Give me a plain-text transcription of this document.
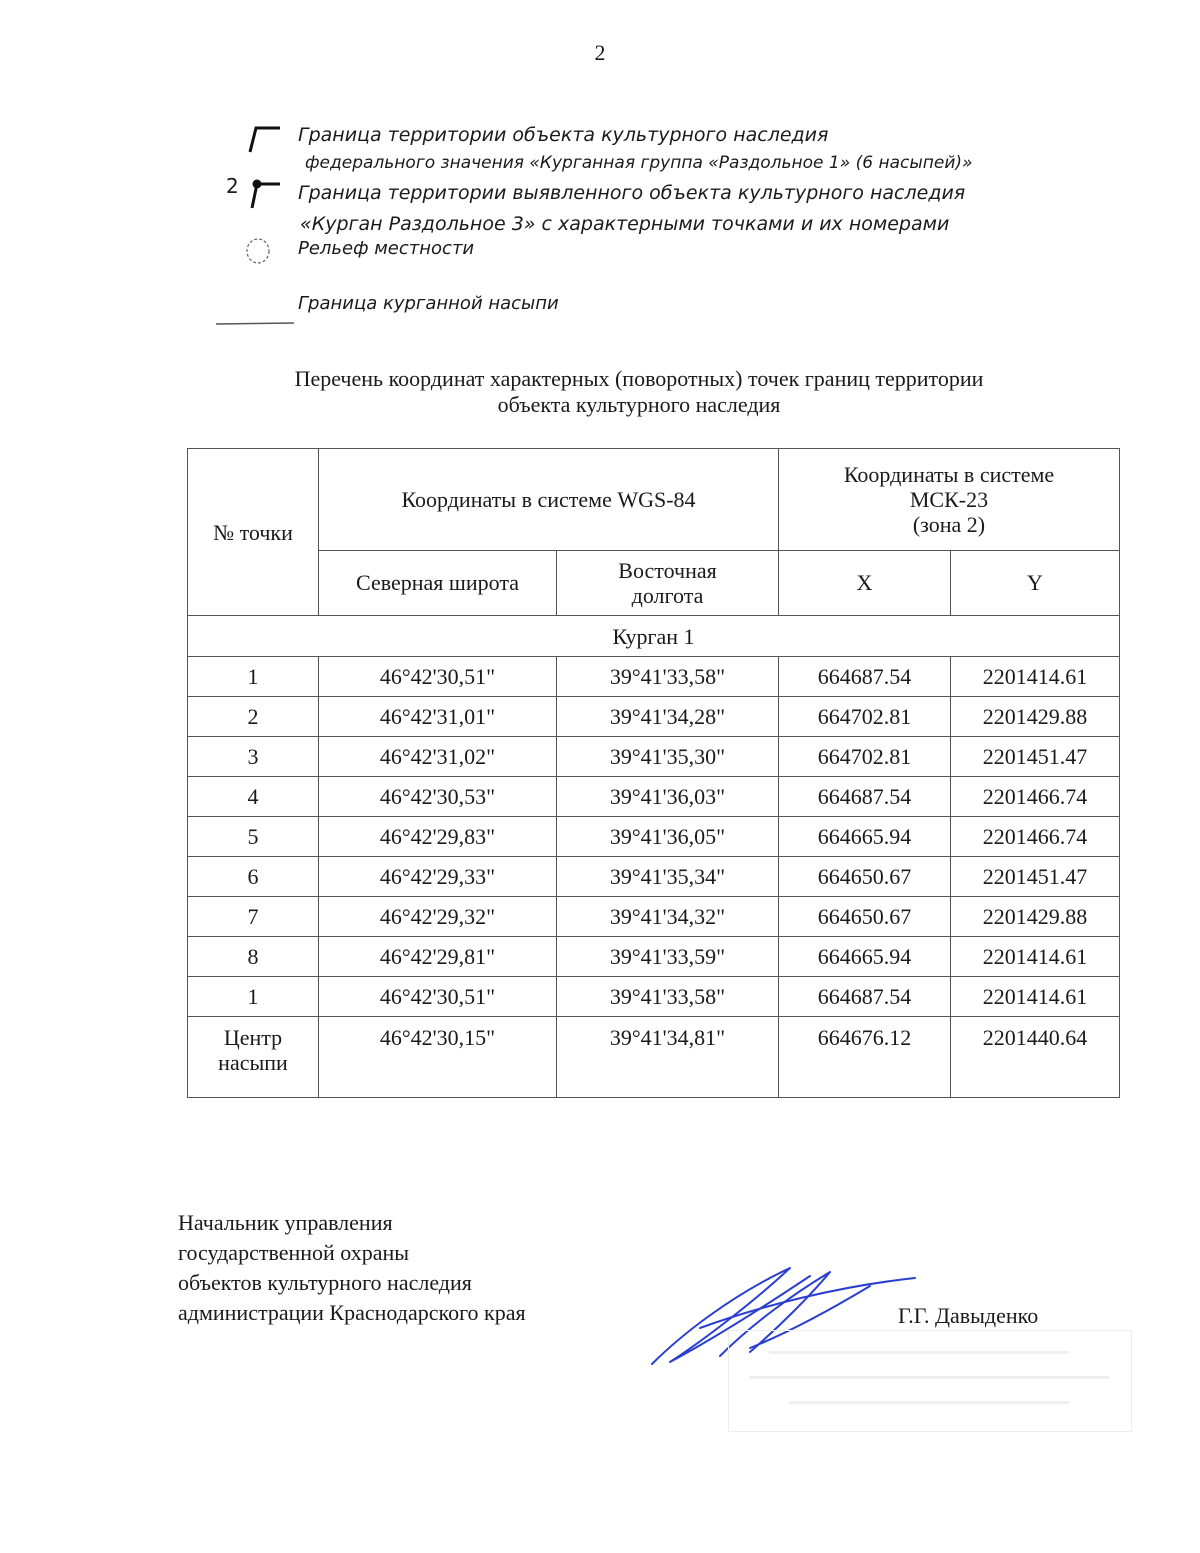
2
Граница территории объекта культурного наследия
федерального значения «Курганная группа «Раздольное 1» (6 насыпей)»
2	Граница территории выявленного объекта культурного наследия
«Курган Раздольное 3» с характерными точками и их номерами
Рельеф местности
Граница курганной насыпи
Перечень координат характерных (поворотных) точек границ территории
объекта культурного наследия
№ точки	Координаты в системе WGS-84		Координаты в системе
МСК-23
(зона 2)	

	Северная широта	Восточная
долгота	X	Y
Курган 1				
1	46°42'30,51"	39°41'33,58"	664687.54	2201414.61
2	46°42'31,01"	39°41'34,28"	664702.81	2201429.88
3	46°42'31,02"	39°41'35,30"	664702.81	2201451.47
4	46°42'30,53"	39°41'36,03"	664687.54	2201466.74
5	46°42'29,83"	39°41'36,05"	664665.94	2201466.74
6	46°42'29,33"	39°41'35,34"	664650.67	2201451.47
7	46°42'29,32"	39°41'34,32"	664650.67	2201429.88
8	46°42'29,81"	39°41'33,59"	664665.94	2201414.61
1	46°42'30,51"	39°41'33,58"	664687.54	2201414.61

Центр
насыпи	46°42'30,15"	39°41'34,81"	664676.12	2201440.64
Начальник управления
государственной охраны
объектов культурного наследия
администрации Краснодарского края	Г.Г. Давыденко
